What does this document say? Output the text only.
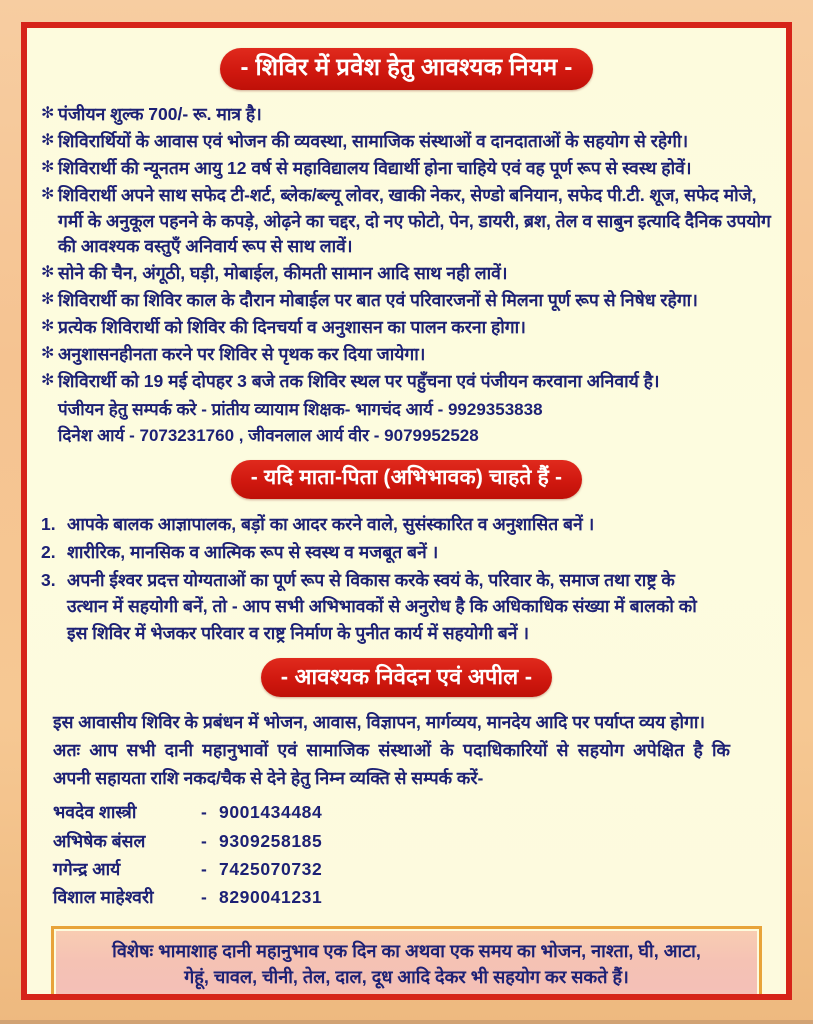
- शिविर में प्रवेश हेतु आवश्यक नियम -
✻ पंजीयन शुल्क 700/- रू. मात्र है।
✻ शिविरार्थियों के आवास एवं भोजन की व्यवस्था, सामाजिक संस्थाओं व दानदाताओं के सहयोग से रहेगी।
✻ शिविरार्थी की न्यूनतम आयु 12 वर्ष से महाविद्यालय विद्यार्थी होना चाहिये एवं वह पूर्ण रूप से स्वस्थ होवें।
✻ शिविरार्थी अपने साथ सफेद टी-शर्ट, ब्लेक/ब्ल्यू लोवर, खाकी नेकर, सेण्डो बनियान, सफेद पी.टी. शूज, सफेद मोजे, गर्मी के अनुकूल पहनने के कपड़े, ओढ़ने का चद्दर, दो नए फोटो, पेन, डायरी, ब्रश, तेल व साबुन इत्यादि दैनिक उपयोग की आवश्यक वस्तुएँ अनिवार्य रूप से साथ लावें।
✻ सोने की चैन, अंगूठी, घड़ी, मोबाईल, कीमती सामान आदि साथ नही लावें।
✻ शिविरार्थी का शिविर काल के दौरान मोबाईल पर बात एवं परिवारजनों से मिलना पूर्ण रूप से निषेध रहेगा।
✻ प्रत्येक शिविरार्थी को शिविर की दिनचर्या व अनुशासन का पालन करना होगा।
✻ अनुशासनहीनता करने पर शिविर से पृथक कर दिया जायेगा।
✻ शिविरार्थी को 19 मई दोपहर 3 बजे तक शिविर स्थल पर पहुँचना एवं पंजीयन करवाना अनिवार्य है।
पंजीयन हेतु सम्पर्क करे - प्रांतीय व्यायाम शिक्षक- भागचंद आर्य - 9929353838
दिनेश आर्य - 7073231760 , जीवनलाल आर्य वीर - 9079952528
- यदि माता-पिता (अभिभावक) चाहते हैं -
1. आपके बालक आज्ञापालक, बड़ों का आदर करने वाले, सुसंस्कारित व अनुशासित बनें ।
2. शारीरिक, मानसिक व आत्मिक रूप से स्वस्थ व मजबूत बनें ।
3. अपनी ईश्वर प्रदत्त योग्यताओं का पूर्ण रूप से विकास करके स्वयं के, परिवार के, समाज तथा राष्ट्र के
उत्थान में सहयोगी बनें, तो - आप सभी अभिभावकों से अनुरोध है कि अधिकाधिक संख्या में बालको को
इस शिविर में भेजकर परिवार व राष्ट्र निर्माण के पुनीत कार्य में सहयोगी बनें ।
- आवश्यक निवेदन एवं अपील -
इस आवासीय शिविर के प्रबंधन में भोजन, आवास, विज्ञापन, मार्गव्यय, मानदेय आदि पर पर्याप्त व्यय होगा।
अतः आप सभी दानी महानुभावों एवं सामाजिक संस्थाओं के पदाधिकारियों से सहयोग अपेक्षित है कि
अपनी सहायता राशि नकद/चैक से देने हेतु निम्न व्यक्ति से सम्पर्क करें-
भवदेव शास्त्री	- 9001434484
अभिषेक बंसल	- 9309258185
गगेन्द्र आर्य	- 7425070732
विशाल माहेश्वरी	- 8290041231

विशेषः भामाशाह दानी महानुभाव एक दिन का अथवा एक समय का भोजन, नाश्ता, घी, आटा,
गेहूं, चावल, चीनी, तेल, दाल, दूध आदि देकर भी सहयोग कर सकते हैं।
